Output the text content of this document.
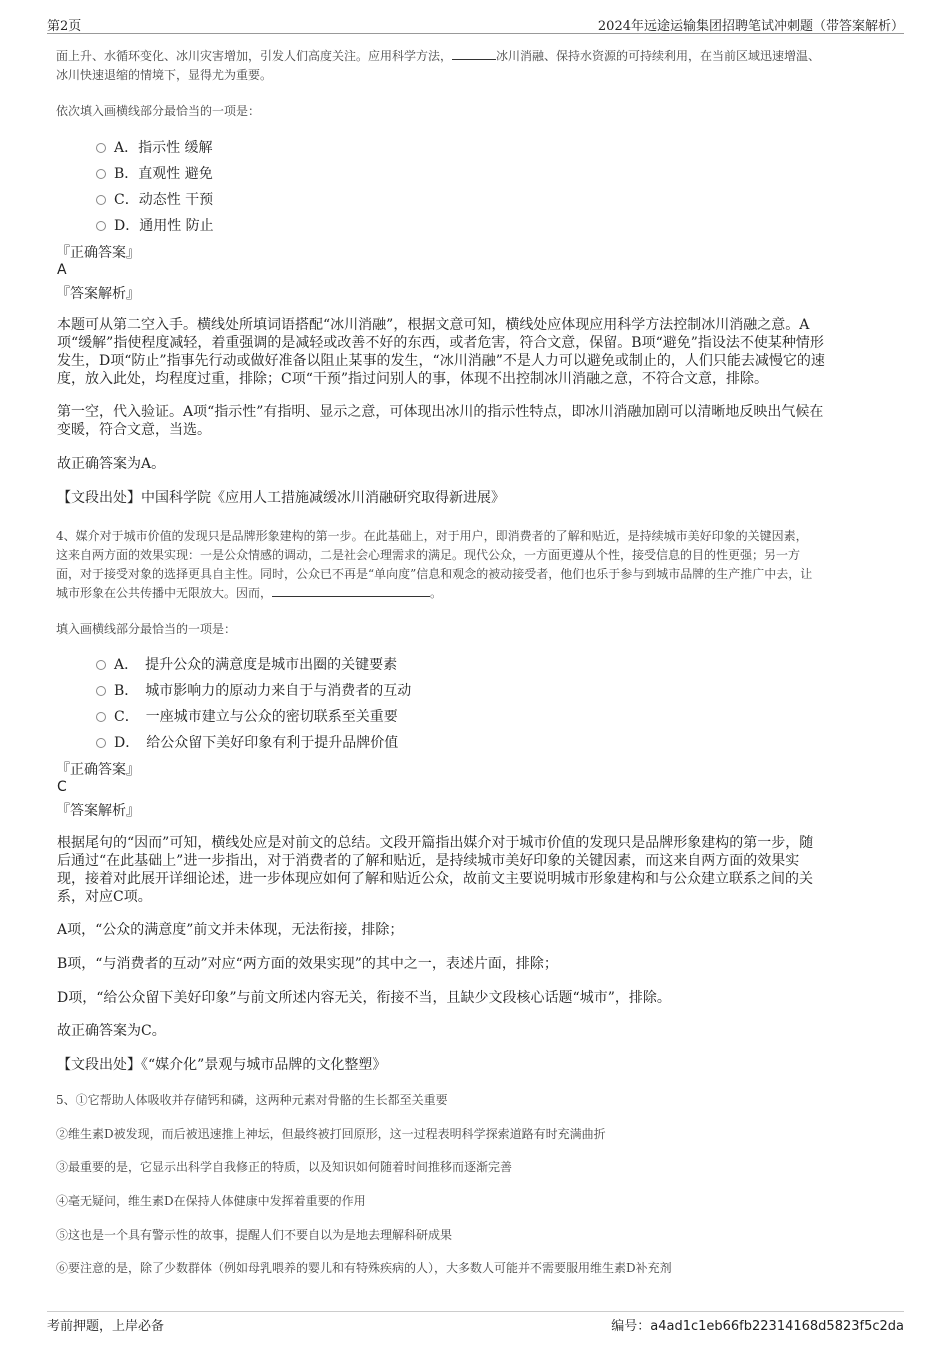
第2页	2024年远途运输集团招聘笔试冲刺题（带答案解析）
面上升、水循环变化、冰川灾害增加，引发人们高度关注。应用科学方法，	冰川消融、保持水资源的可持续利用，在当前区域迅速增温、
冰川快速退缩的情境下，显得尤为重要。
依次填入画横线部分最恰当的一项是：
A．指示性 缓解
B．直观性 避免
C．动态性 干预
D．通用性 防止
『正确答案』
A
『答案解析』
本题可从第二空入手。横线处所填词语搭配“冰川消融”，根据文意可知，横线处应体现应用科学方法控制冰川消融之意。A
项“缓解”指使程度减轻，着重强调的是减轻或改善不好的东西，或者危害，符合文意，保留。B项“避免”指设法不使某种情形
发生，D项“防止”指事先行动或做好准备以阻止某事的发生，“冰川消融”不是人力可以避免或制止的，人们只能去减慢它的速
度，放入此处，均程度过重，排除；C项“干预”指过问别人的事，体现不出控制冰川消融之意，不符合文意，排除。
第一空，代入验证。A项“指示性”有指明、显示之意，可体现出冰川的指示性特点，即冰川消融加剧可以清晰地反映出气候在
变暖，符合文意，当选。
故正确答案为A。
【文段出处】中国科学院《应用人工措施减缓冰川消融研究取得新进展》
4、媒介对于城市价值的发现只是品牌形象建构的第一步。在此基础上，对于用户，即消费者的了解和贴近，是持续城市美好印象的关键因素，
这来自两方面的效果实现：一是公众情感的调动，二是社会心理需求的满足。现代公众，一方面更遵从个性，接受信息的目的性更强；另一方
面，对于接受对象的选择更具自主性。同时，公众已不再是“单向度”信息和观念的被动接受者，他们也乐于参与到城市品牌的生产推广中去，让
城市形象在公共传播中无限放大。因而，	。
填入画横线部分最恰当的一项是：
A．　提升公众的满意度是城市出圈的关键要素
B．　城市影响力的原动力来自于与消费者的互动
C．　一座城市建立与公众的密切联系至关重要
D．　给公众留下美好印象有利于提升品牌价值
『正确答案』
C
『答案解析』
根据尾句的“因而”可知，横线处应是对前文的总结。文段开篇指出媒介对于城市价值的发现只是品牌形象建构的第一步，随
后通过“在此基础上”进一步指出，对于消费者的了解和贴近，是持续城市美好印象的关键因素，而这来自两方面的效果实
现，接着对此展开详细论述，进一步体现应如何了解和贴近公众，故前文主要说明城市形象建构和与公众建立联系之间的关
系，对应C项。
A项，“公众的满意度”前文并未体现，无法衔接，排除；
B项，“与消费者的互动”对应“两方面的效果实现”的其中之一，表述片面，排除；
D项，“给公众留下美好印象”与前文所述内容无关，衔接不当，且缺少文段核心话题“城市”，排除。
故正确答案为C。
【文段出处】《“媒介化”景观与城市品牌的文化整塑》
5、①它帮助人体吸收并存储钙和磷，这两种元素对骨骼的生长都至关重要
②维生素D被发现，而后被迅速推上神坛，但最终被打回原形，这一过程表明科学探索道路有时充满曲折
③最重要的是，它显示出科学自我修正的特质，以及知识如何随着时间推移而逐渐完善
④毫无疑问，维生素D在保持人体健康中发挥着重要的作用
⑤这也是一个具有警示性的故事，提醒人们不要自以为是地去理解科研成果
⑥要注意的是，除了少数群体（例如母乳喂养的婴儿和有特殊疾病的人），大多数人可能并不需要服用维生素D补充剂
考前押题，上岸必备	编号：a4ad1c1eb66fb22314168d5823f5c2da
